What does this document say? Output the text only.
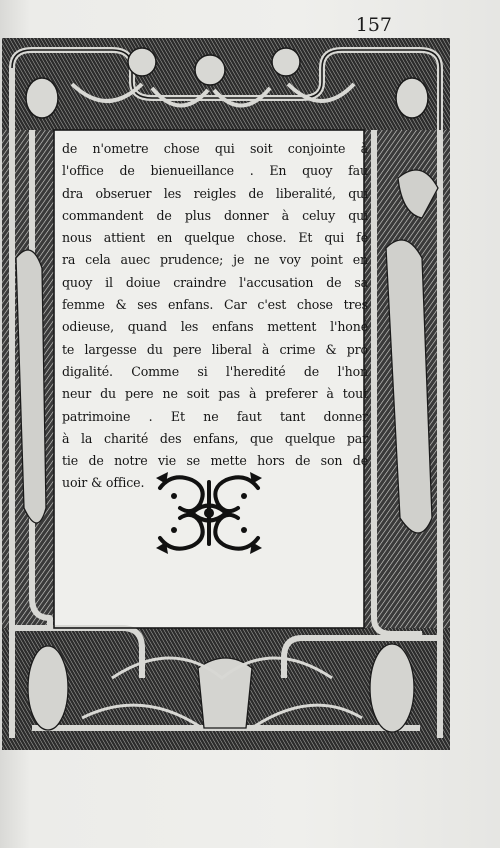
157
de n'ometre chose qui soit conjointe à
l'office de bienueillance . En quoy fau
dra obseruer les reigles de liberalité, qui
commandent de plus donner à celuy qui
nous attient en quelque chose. Et qui fe
ra cela auec prudence; je ne voy point en
quoy il doiue craindre l'accusation de sa
femme & ses enfans. Car c'est chose tres
odieuse, quand les enfans mettent l'honé
te largesse du pere liberal à crime & pro
digalité. Comme si l'heredité de l'hon
neur du pere ne soit pas à preferer à tout
patrimoine . Et ne faut tant donner
à la charité des enfans, que quelque par
tie de notre vie se mette hors de son de
uoir & office.
